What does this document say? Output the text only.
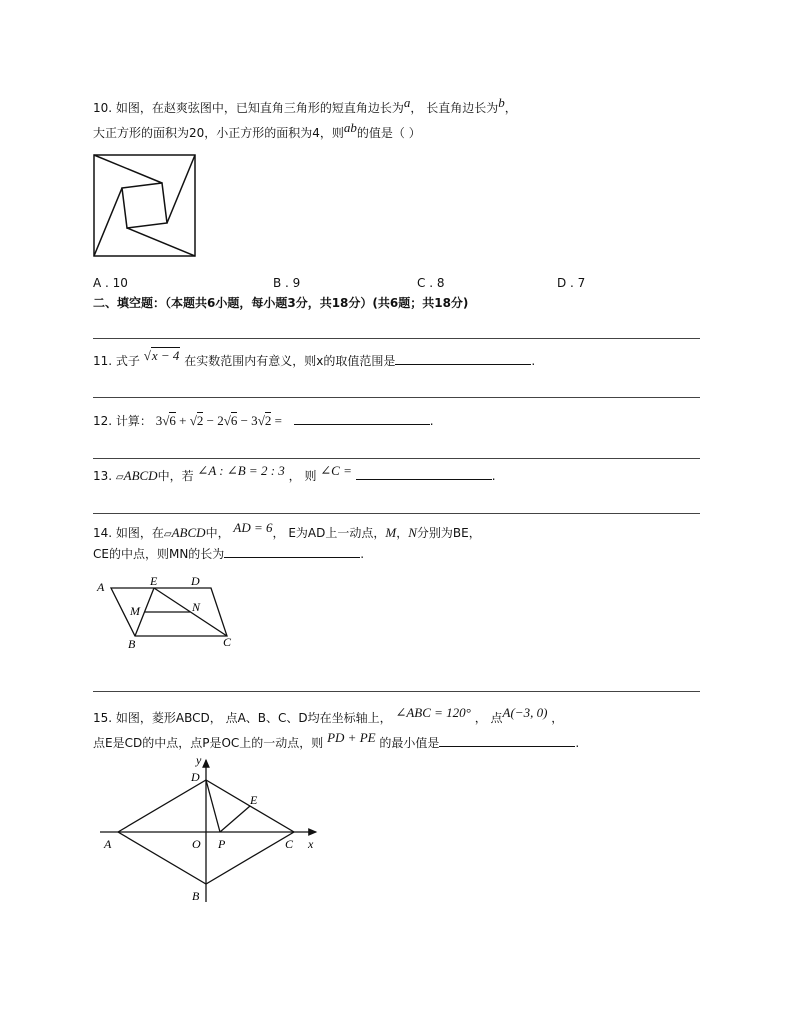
10. 如图，在赵爽弦图中，已知直角三角形的短直角边长为a， 长直角边长为b，
大正方形的面积为20，小正方形的面积为4，则ab的值是（ ）
A . 10	B . 9	C . 8	D . 7
二、填空题：（本题共6小题，每小题3分，共18分）(共6题；共18分)
11. 式子 √x − 4 在实数范围内有意义，则x的取值范围是	.
12. 计算： 3√6 + √2 − 2√6 − 3√2 =	.
13. ▱ABCD中，若 ∠A : ∠B = 2 : 3 ， 则 ∠C =	.
14. 如图，在▱ABCD中， AD = 6， E为AD上一动点，M，N分别为BE，
CE的中点，则MN的长为	.
A	E	D
M	N
B	C
15. 如图，菱形ABCD， 点A、B、C、D均在坐标轴上， ∠ABC = 120° ， 点A(−3, 0) ，
点E是CD的中点，点P是OC上的一动点，则 PD + PE 的最小值是	.
y
D
E
A	O P	C x
B
